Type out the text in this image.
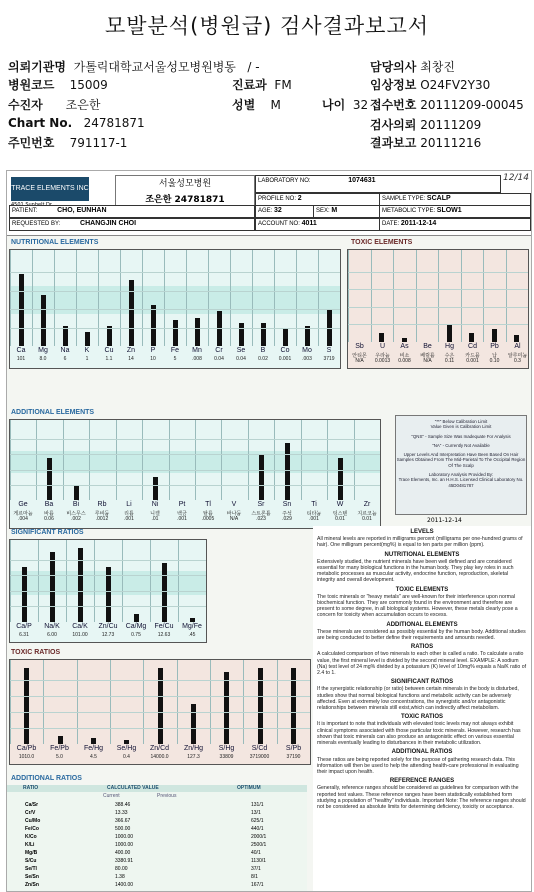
모발분석(병원급) 검사결과보고서
의뢰기관명 가톨릭대학교서울성모병원병동 / -
병원코드 15009	진료과 FM
수진자 조은한	성별 M	나이 32
Chart No. 24781871
주민번호 791117-1
담당의사 최창진
임상정보 O24FV2Y30
접수번호 20111209-00045
검사의뢰 20111209
결과보고 20111216
TRACE ELEMENTS INC	서울성모병원
조은한 24781871
LABORATORY NO:	1074631	12/14
PROFILE NO: 2	SAMPLE TYPE: SCALP
PATIENT:	CHO, EUNHAN	AGE: 32	SEX: M	METABOLIC TYPE: SLOW1
REQUESTED BY:	CHANGJIN CHOI	ACCOUNT NO: 4011	DATE: 2011-12-14
NUTRITIONAL ELEMENTS
Ca
101
Mg
8.0
Na
6
K
1
Cu
1.1
Zn
14
P
10
Fe
5
Mn
.008
Cr
0.04
Se
0.04
B
0.02
Co
0.001
Mo
.003
S
3719
TOXIC ELEMENTS
Sb
N/A
안티몬
U
0.0013
우라늄
As
0.008
비소
Be
N/A
베릴륨
Hg
0.11
수은
Cd
0.001
카드뮴
Pb
0.10
납
Al
0.3
알루미늄
ADDITIONAL ELEMENTS
Ge
.004
게르마늄
Ba
0.06
바륨
Bi
.002
비스무스
Rb
.0012
루비듐
Li
.001
리튬
Ni
.01
니켈
Pt
.001
백금
Tl
.0005
탈륨
V
N/A
바나듐
Sr
.023
스트론튬
Sn
.029
주석
Ti
.001
티타늄
W
0.01
텅스텐
Zr
0.01
지르코늄
"**" Below Calibration Limit
Value Given is Calibration Limit
"QNS" - Sample Size Was Inadequate For Analysis
"NA" - Currently Not Available
Upper Levels And Interpretation Have Been Based On Hair Samples Obtained From The Mid-Parietal To The Occipital Region Of The Scalp
Laboratory Analysis Provided By:
Trace Elements, Inc. an H.H.S. Licensed Clinical Laboratory No. 45D0481787
2011-12-14
SIGNIFICANT RATIOS
Ca/P
6.31
Na/K
6.00
Ca/K
101.00
Zn/Cu
12.73
Ca/Mg
0.75
Fe/Cu
12.63
Mg/Fe
.45
TOXIC RATIOS
Ca/Pb
1010.0
Fe/Pb
5.0
Fe/Hg
4.5
Se/Hg
0.4
Zn/Cd
14000.0
Zn/Hg
127.3
S/Hg
33809
S/Cd
3719000
S/Pb
37190
ADDITIONAL RATIOS
RATIO	CALCULATED VALUE	OPTIMUM
Current	Previous
Ca/Sr	388.46	131/1
Cr/V	13.33	13/1
Cu/Mo	366.67	625/1
Fe/Co	500.00	440/1
K/Co	1000.00	2000/1
K/Li	1000.00	2500/1
Mg/B	400.00	40/1
S/Cu	3380.91	1130/1
Se/Tl	80.00	37/1
Se/Sn	1.38	8/1
Zn/Sn	1400.00	167/1
LEVELS

All mineral levels are reported in milligrams percent (milligrams per one-hundred grams of hair). One milligram percent(mg%) is equal to ten parts per million (ppm).

NUTRITIONAL ELEMENTS

Extensively studied, the nutrient minerals have been well defined and are considered essential for many biological functions in the human body. They play key roles in such metabolic processes as muscular activity, endocrine function, reproduction, skeletal integrity and overall development.

TOXIC ELEMENTS

The toxic minerals or "heavy metals" are well-known for their interference upon normal biochemical function. They are commonly found in the environment and therefore are present to some degree, in all biological systems. However, these metals clearly pose a concern for toxicity when accumulation occurs to excess.

ADDITIONAL ELEMENTS

These minerals are considered as possibly essential by the human body. Additional studies are being conducted to better define their requirements and amounts needed.

RATIOS

A calculated comparison of two minerals to each other is called a ratio. To calculate a ratio value, the first mineral level is divided by the second mineral level. EXAMPLE: A sodium (Na) test level of 24 mg% divided by a potassium (K) level of 10mg% equals a Na/K ratio of 2.4 to 1.

SIGNIFICANT RATIOS

If the synergistic relationship (or ratio) between certain minerals in the body is disturbed, studies show that normal biological functions and metabolic activity can be adversely affected. Even at extremely low concentrations, the synergistic and/or antagonistic relationships between minerals still exist,which can indirectly affect metabolism.

TOXIC RATIOS

It is important to note that individuals with elevated toxic levels may not always exhibit clinical symptoms associated with those particular toxic minerals. However, research has shown that toxic minerals can also produce an antagonistic effect on various essential minerals eventually leading to disturbances in their metabolic utilization.

ADDITIONAL RATIOS

These ratios are being reported solely for the purpose of gathering research data. This information will then be used to help the attending health-care professional in evaluating their impact upon health.

REFERENCE RANGES

Generally, reference ranges should be considered as guidelines for comparison with the reported test values. These reference ranges have been statistically established form studying a population of "healthy" individuals. Important Note: The reference ranges should not be considered as absolute limits for determining deficiency, toxicity or acceptance.
